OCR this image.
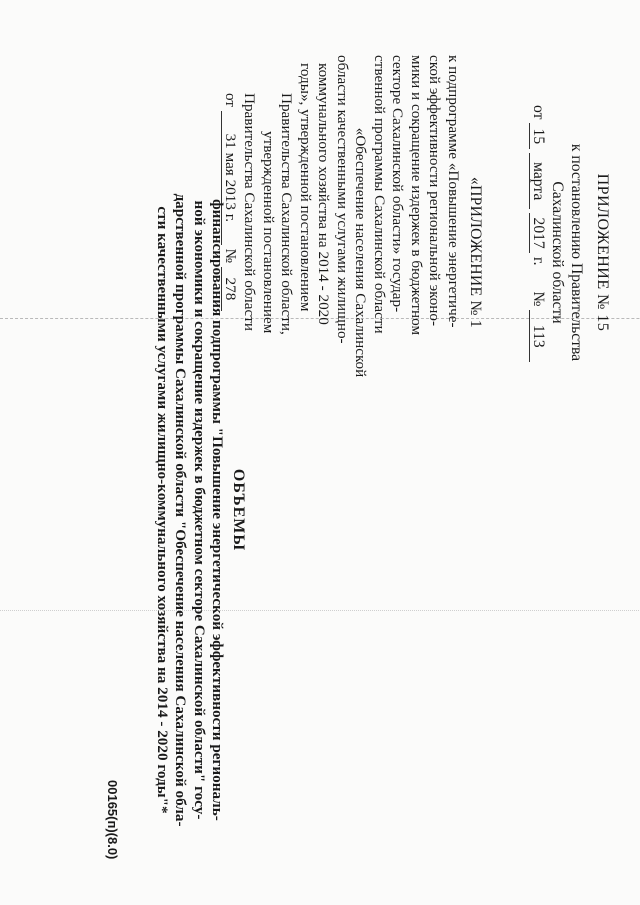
ПРИЛОЖЕНИЕ № 15
к постановлению Правительства
Сахалинской области
от 15 марта 2017 г. № 113
«ПРИЛОЖЕНИЕ № 1
к подпрограмме «Повышение энергетиче-
ской эффективности региональной эконо-
мики и сокращение издержек в бюджетном
секторе Сахалинской области» государ-
ственной программы Сахалинской области
«Обеспечение населения Сахалинской
области качественными услугами жилищно-
коммунального хозяйства на 2014 - 2020
годы», утвержденной постановлением
Правительства Сахалинской области,
утвержденной постановлением
Правительства Сахалинской области
от 31 мая 2013 г. № 278
ОБЪЕМЫ
финансирования подпрограммы "Повышение энергетической эффективности региональ-
ной экономики и сокращение издержек в бюджетном секторе Сахалинской области" госу-
дарственной программы Сахалинской области "Обеспечение населения Сахалинской обла-
сти качественными услугами жилищно-коммунального хозяйства на 2014 - 2020 годы"*
00165(п)(8.0)
